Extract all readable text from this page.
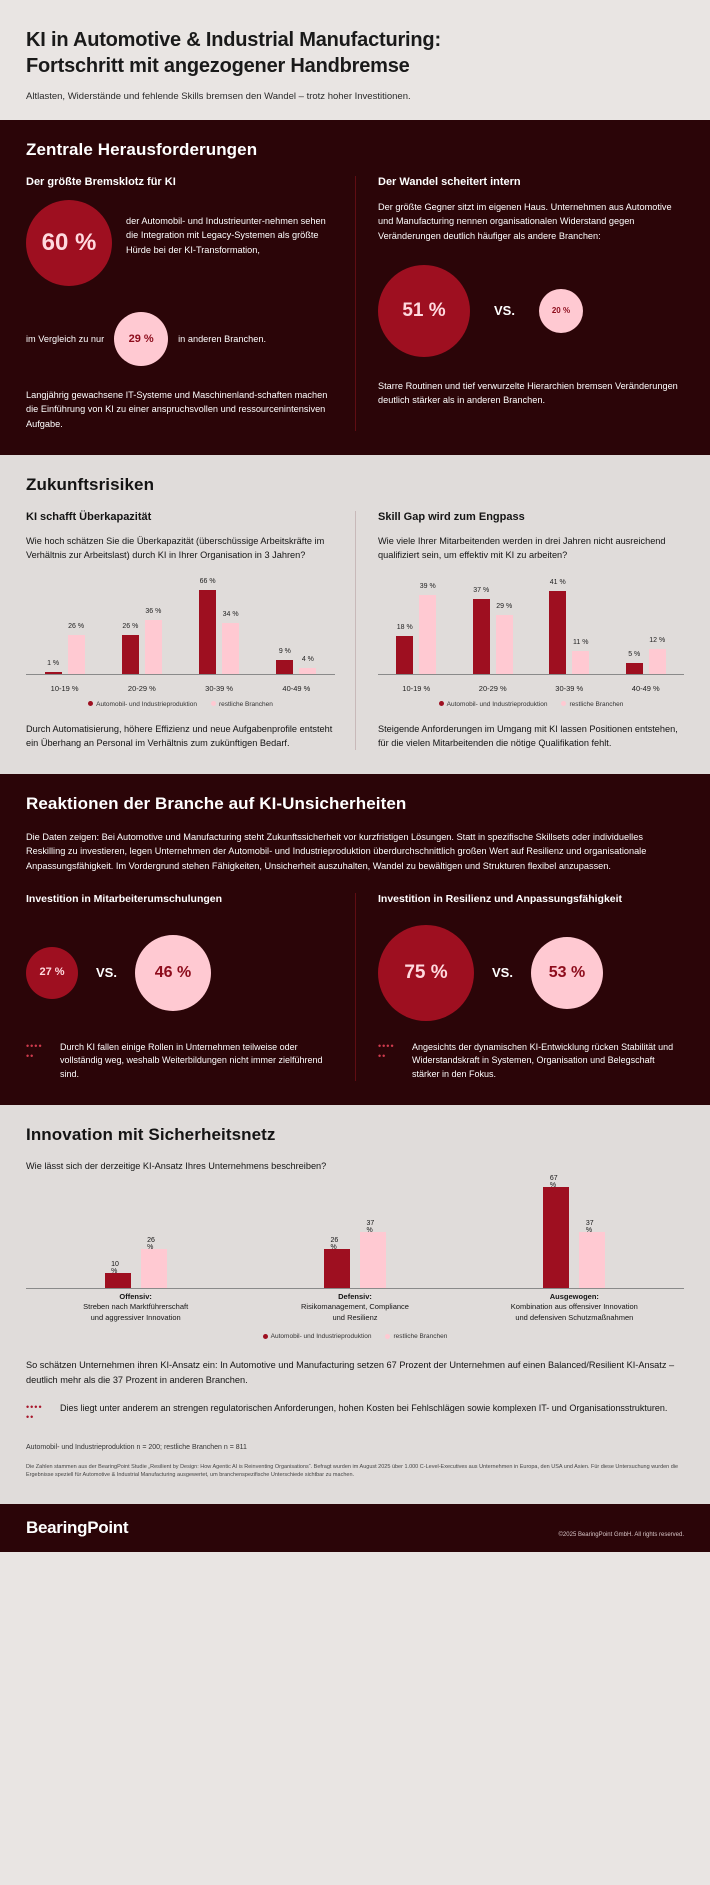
KI in Automotive & Industrial Manufacturing:
Fortschritt mit angezogener Handbremse
Altlasten, Widerstände und fehlende Skills bremsen den Wandel – trotz hoher Investitionen.
Zentrale Herausforderungen
Der größte Bremsklotz für KI
60 %
der Automobil- und Industrieunter-nehmen sehen die Integration mit Legacy-Systemen als größte Hürde bei der KI-Transformation,
im Vergleich zu nur	29 %	in anderen Branchen.
Langjährig gewachsene IT-Systeme und Maschinenland-schaften machen die Einführung von KI zu einer anspruchsvollen und ressourcenintensiven Aufgabe.
Der Wandel scheitert intern
Der größte Gegner sitzt im eigenen Haus. Unternehmen aus Automotive und Manufacturing nennen organisationalen Widerstand gegen Veränderungen deutlich häufiger als andere Branchen:
51 %	VS.	20 %
Starre Routinen und tief verwurzelte Hierarchien bremsen Veränderungen deutlich stärker als in anderen Branchen.
Zukunftsrisiken
KI schafft Überkapazität
Wie hoch schätzen Sie die Überkapazität (überschüssige Arbeitskräfte im Verhältnis zur Arbeitslast) durch KI in Ihrer Organisation in 3 Jahren?
1 %
26 %	26 %
36 %
66 %
34 %
9 %
4 %
10-19 %	20-29 %	30-39 %	40-49 %
Automobil- und Industrieproduktion	restliche Branchen
Durch Automatisierung, höhere Effizienz und neue Aufgabenprofile entsteht ein Überhang an Personal im Verhältnis zum zukünftigen Bedarf.
Skill Gap wird zum Engpass
Wie viele Ihrer Mitarbeitenden werden in drei Jahren nicht ausreichend qualifiziert sein, um effektiv mit KI zu arbeiten?
18 %
39 %
37 %
29 %
41 %
11 %
5 %
12 %
10-19 %	20-29 %	30-39 %	40-49 %
Automobil- und Industrieproduktion	restliche Branchen
Steigende Anforderungen im Umgang mit KI lassen Positionen entstehen, für die vielen Mitarbeitenden die nötige Qualifikation fehlt.
Reaktionen der Branche auf KI-Unsicherheiten
Die Daten zeigen: Bei Automotive und Manufacturing steht Zukunftssicherheit vor kurzfristigen Lösungen. Statt in spezifische Skillsets oder individuelles Reskilling zu investieren, legen Unternehmen der Automobil- und Industrieproduktion überdurchschnittlich großen Wert auf Resilienz und organisationale Anpassungsfähigkeit. Im Vordergrund stehen Fähigkeiten, Unsicherheit auszuhalten, Wandel zu bewältigen und Strukturen flexibel anzupassen.
Investition in Mitarbeiterumschulungen
27 %	VS.	46 %
••••
••
Durch KI fallen einige Rollen in Unternehmen teilweise oder vollständig weg, weshalb Weiterbildungen nicht immer zielführend sind.
Investition in Resilienz und Anpassungsfähigkeit
75 %	VS.	53 %
••••
••
Angesichts der dynamischen KI-Entwicklung rücken Stabilität und Widerstandskraft in Systemen, Organisation und Belegschaft stärker in den Fokus.
Innovation mit Sicherheitsnetz
Wie lässt sich der derzeitige KI-Ansatz Ihres Unternehmens beschreiben?
10 %
26 %
26 %
37 %
67 %
37 %
Offensiv:
Streben nach Marktführerschaft
und aggressiver Innovation
Defensiv:
Risikomanagement, Compliance
und Resilienz
Ausgewogen:
Kombination aus offensiver Innovation
und defensiven Schutzmaßnahmen
Automobil- und Industrieproduktion	restliche Branchen
So schätzen Unternehmen ihren KI-Ansatz ein: In Automotive und Manufacturing setzen 67 Prozent der Unternehmen auf einen Balanced/Resilient KI-Ansatz – deutlich mehr als die 37 Prozent in anderen Branchen.
••••
••
Dies liegt unter anderem an strengen regulatorischen Anforderungen, hohen Kosten bei Fehlschlägen sowie komplexen IT- und Organisationsstrukturen.
Automobil- und Industrieproduktion n = 200; restliche Branchen n = 811
Die Zahlen stammen aus der BearingPoint Studie „Resilient by Design: How Agentic AI is Reinventing Organisations“. Befragt wurden im August 2025 über 1.000 C-Level-Executives aus Unternehmen in Europa, den USA und Asien. Für diese Untersuchung wurden die Ergebnisse speziell für Automotive & Industrial Manufacturing ausgewertet, um branchenspezifische Unterschiede sichtbar zu machen.
BearingPoint	©2025 BearingPoint GmbH. All rights reserved.
